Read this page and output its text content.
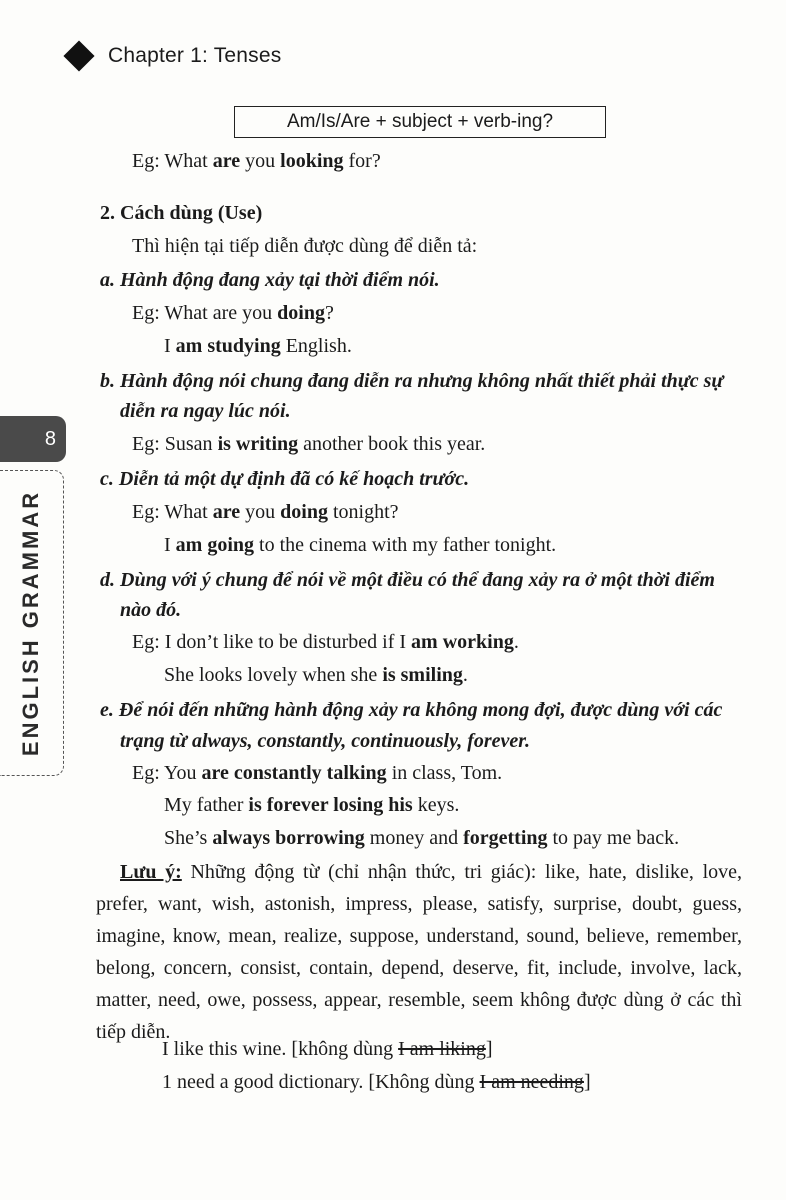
Chapter 1: Tenses
Am/Is/Are + subject + verb-ing?
8
ENGLISH GRAMMAR
Eg: What are you looking for?
2. Cách dùng (Use)
Thì hiện tại tiếp diễn được dùng để diễn tả:
a. Hành động đang xảy tại thời điểm nói.
Eg: What are you doing?
I am studying English.
b. Hành động nói chung đang diễn ra nhưng không nhất thiết phải thực sự
diễn ra ngay lúc nói.
Eg: Susan is writing another book this year.
c. Diễn tả một dự định đã có kế hoạch trước.
Eg: What are you doing tonight?
I am going to the cinema with my father tonight.
d. Dùng với ý chung để nói về một điều có thể đang xảy ra ở một thời điểm
nào đó.
Eg: I don’t like to be disturbed if I am working.
She looks lovely when she is smiling.
e. Để nói đến những hành động xảy ra không mong đợi, được dùng với các
trạng từ always, constantly, continuously, forever.
Eg: You are constantly talking in class, Tom.
My father is forever losing his keys.
She’s always borrowing money and forgetting to pay me back.
Lưu ý: Những động từ (chỉ nhận thức, tri giác): like, hate, dislike, love, prefer, want, wish, astonish, impress, please, satisfy, surprise, doubt, guess, imagine, know, mean, realize, suppose, understand, sound, believe, remember, belong, concern, consist, contain, depend, deserve, fit, include, involve, lack, matter, need, owe, possess, appear, resemble, seem không được dùng ở các thì tiếp diễn.
I like this wine. [không dùng I am liking]
1 need a good dictionary. [Không dùng I am needing]
